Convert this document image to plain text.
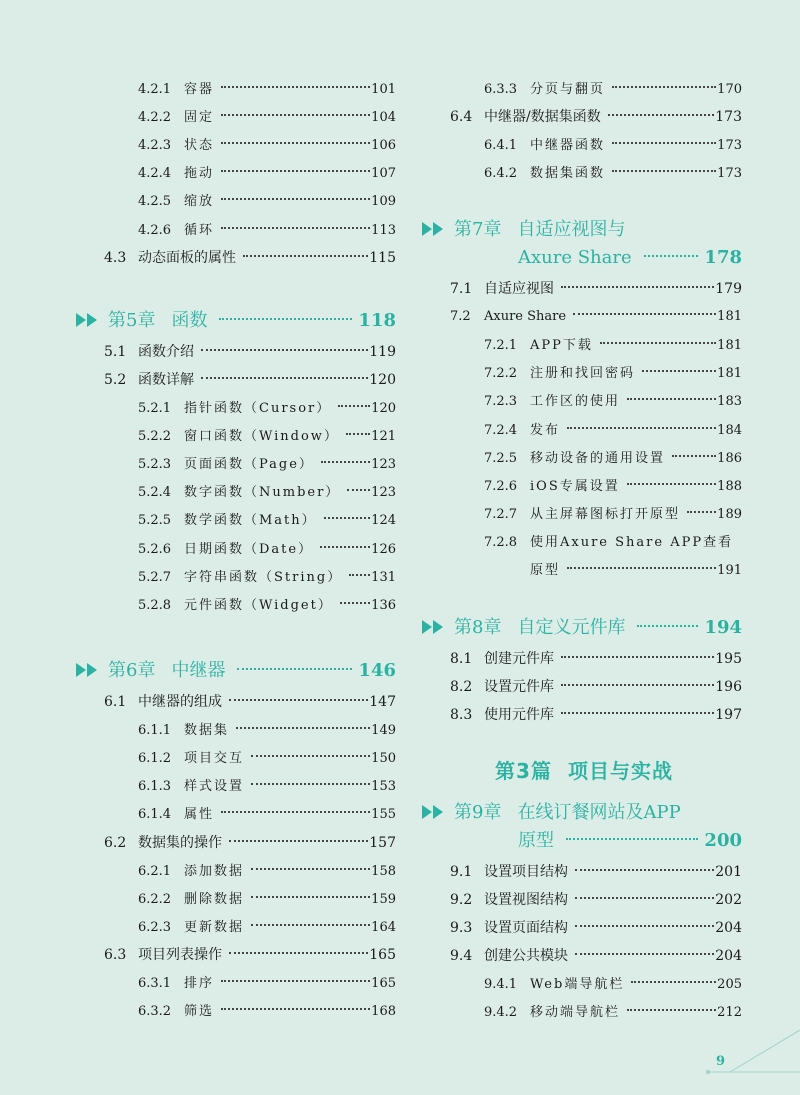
4.2.1 容器	101
4.2.2 固定	104
4.2.3 状态	106
4.2.4 拖动	107
4.2.5 缩放	109
4.2.6 循环	113
4.3 动态面板的属性	115
第5章 函数	118
5.1 函数介绍	119
5.2 函数详解	120
5.2.1 指针函数（Cursor）	120
5.2.2 窗口函数（Window）	121
5.2.3 页面函数（Page）	123
5.2.4 数字函数（Number）	123
5.2.5 数学函数（Math）	124
5.2.6 日期函数（Date）	126
5.2.7 字符串函数（String）	131
5.2.8 元件函数（Widget）	136
第6章 中继器	146
6.1 中继器的组成	147
6.1.1 数据集	149
6.1.2 项目交互	150
6.1.3 样式设置	153
6.1.4 属性	155
6.2 数据集的操作	157
6.2.1 添加数据	158
6.2.2 删除数据	159
6.2.3 更新数据	164
6.3 项目列表操作	165
6.3.1 排序	165
6.3.2 筛选	168
6.3.3 分页与翻页	170
6.4 中继器/数据集函数	173
6.4.1 中继器函数	173
6.4.2 数据集函数	173
第7章 自适应视图与
Axure Share	178
7.1 自适应视图	179
7.2	Axure Share	181
7.2.1 APP下载	181
7.2.2 注册和找回密码	181
7.2.3 工作区的使用	183
7.2.4 发布	184
7.2.5 移动设备的通用设置	186
7.2.6 iOS专属设置	188
7.2.7 从主屏幕图标打开原型	189
7.2.8 使用Axure Share APP查看
原型	191
第8章 自定义元件库	194
8.1 创建元件库	195
8.2 设置元件库	196
8.3 使用元件库	197
第9章 在线订餐网站及APP
原型	200
9.1 设置项目结构	201
9.2 设置视图结构	202
9.3 设置页面结构	204
9.4 创建公共模块	204
9.4.1 Web端导航栏	205
9.4.2 移动端导航栏	212
第3篇 项目与实战
9
